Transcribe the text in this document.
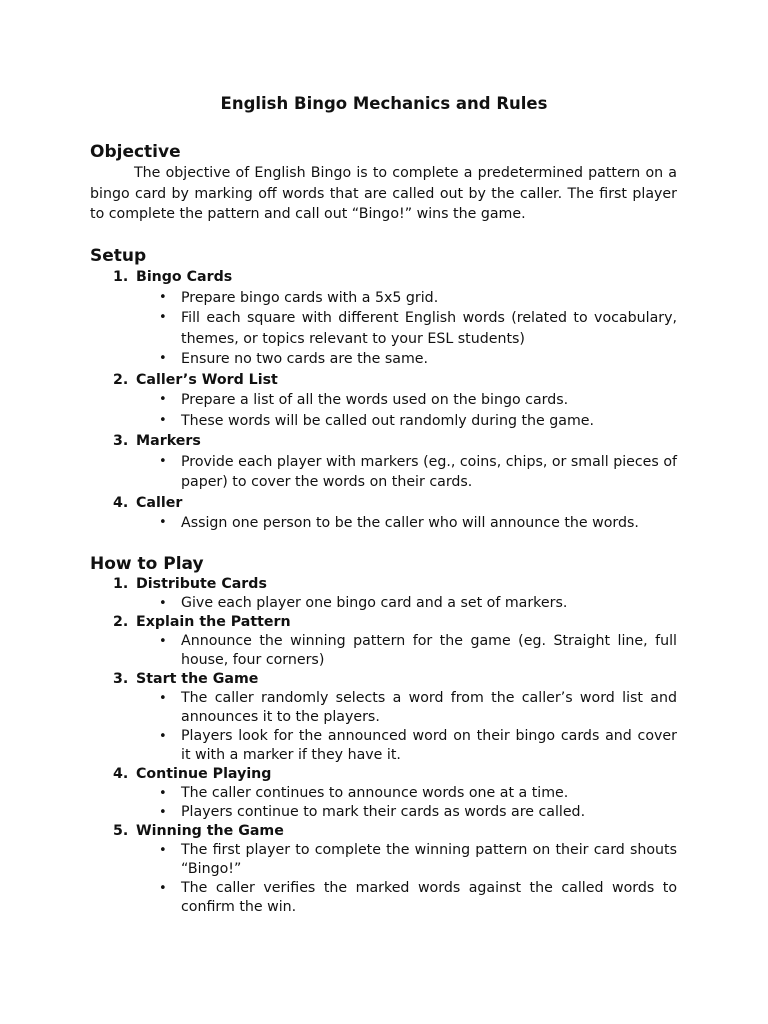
English Bingo Mechanics and Rules
Objective

The objective of English Bingo is to complete a predetermined pattern on a bingo card by marking off words that are called out by the caller. The first player to complete the pattern and call out “Bingo!” wins the game.

Setup
1. Bingo Cards
• Prepare bingo cards with a 5x5 grid.
• Fill each square with different English words (related to vocabulary, themes, or topics relevant to your ESL students)
• Ensure no two cards are the same.
2. Caller’s Word List
• Prepare a list of all the words used on the bingo cards.
• These words will be called out randomly during the game.
3. Markers
• Provide each player with markers (eg., coins, chips, or small pieces of paper) to cover the words on their cards.
4. Caller
• Assign one person to be the caller who will announce the words.
How to Play
1. Distribute Cards
• Give each player one bingo card and a set of markers.
2. Explain the Pattern
• Announce the winning pattern for the game (eg. Straight line, full house, four corners)
3. Start the Game
• The caller randomly selects a word from the caller’s word list and announces it to the players.
• Players look for the announced word on their bingo cards and cover it with a marker if they have it.
4. Continue Playing
• The caller continues to announce words one at a time.
• Players continue to mark their cards as words are called.
5. Winning the Game
• The first player to complete the winning pattern on their card shouts “Bingo!”
• The caller verifies the marked words against the called words to confirm the win.
